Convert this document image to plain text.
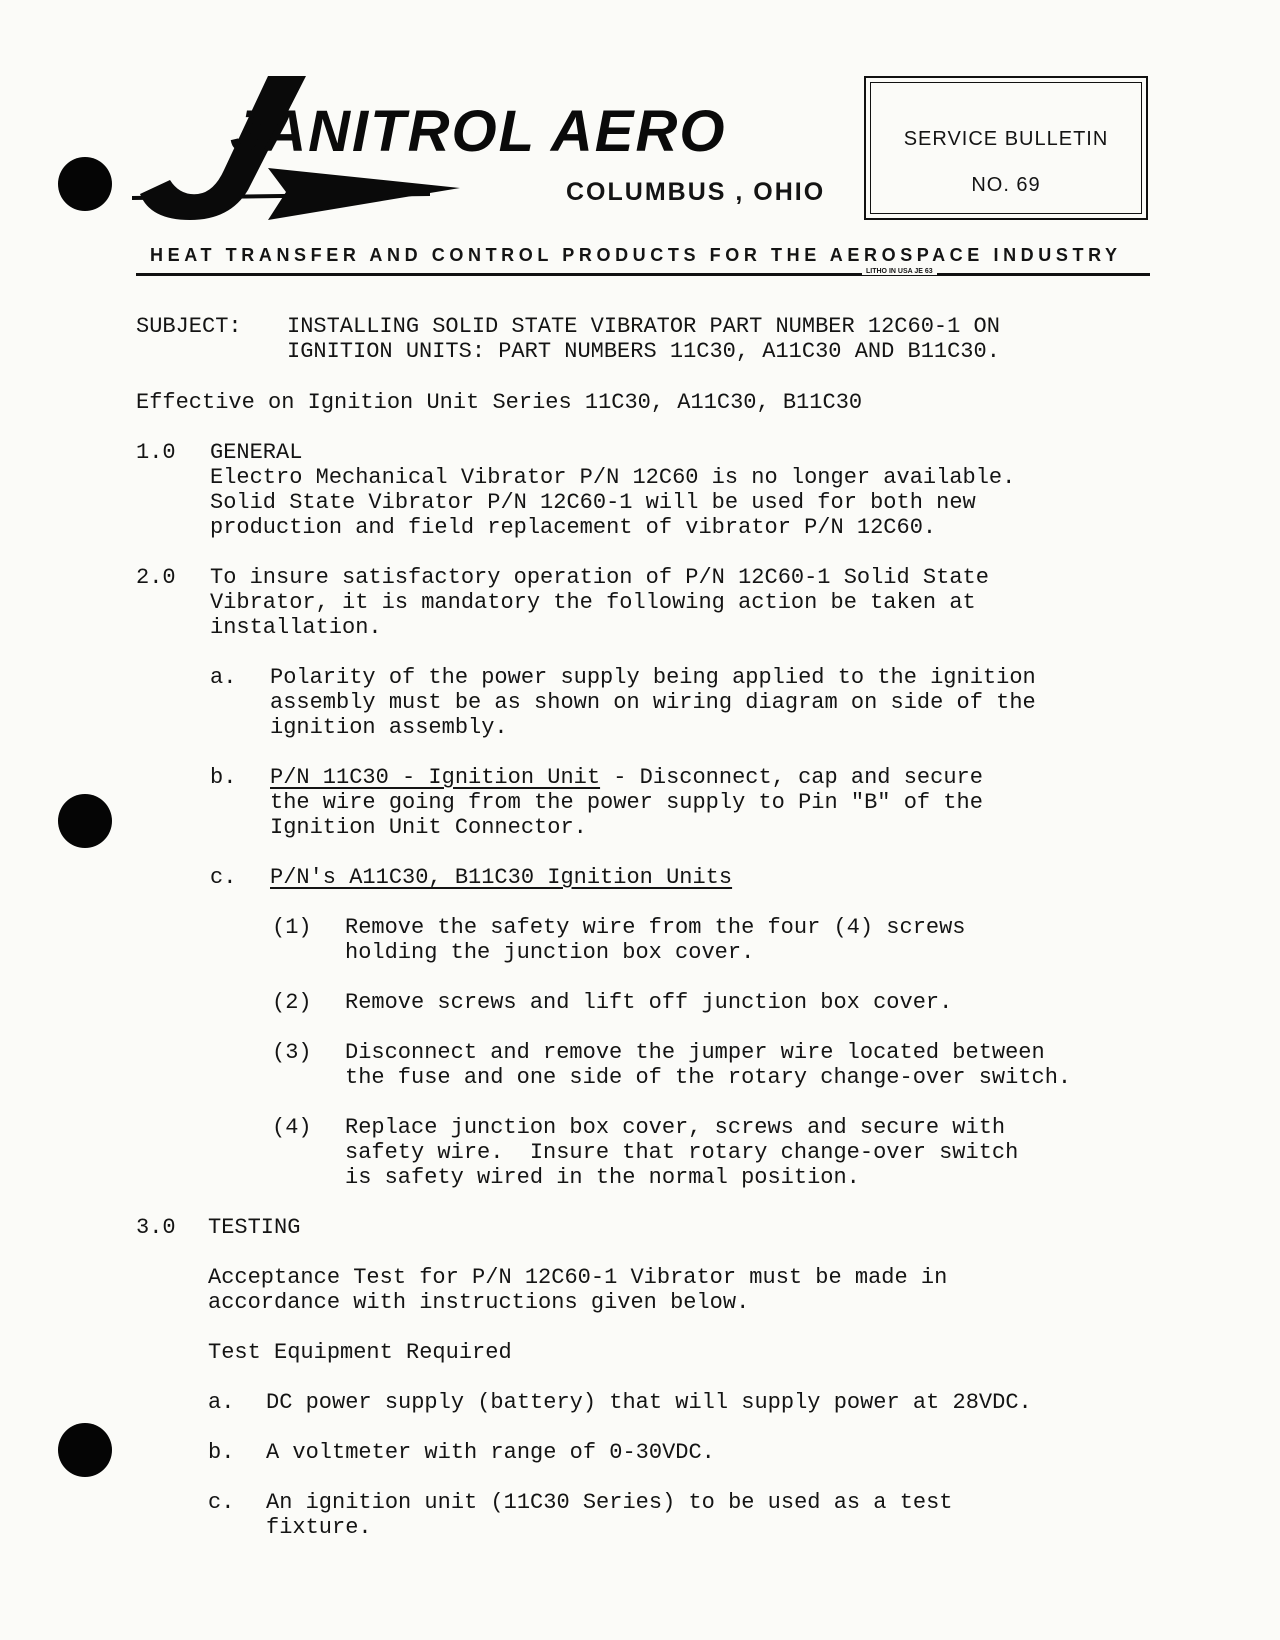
JANITROL AERO
COLUMBUS , OHIO
SERVICE BULLETIN
NO. 69
HEAT TRANSFER AND CONTROL PRODUCTS FOR THE AEROSPACE INDUSTRY
LITHO IN USA JE 63
SUBJECT: INSTALLING SOLID STATE VIBRATOR PART NUMBER 12C60-1 ON
IGNITION UNITS: PART NUMBERS 11C30, A11C30 AND B11C30.
Effective on Ignition Unit Series 11C30, A11C30, B11C30
1.0 GENERAL
Electro Mechanical Vibrator P/N 12C60 is no longer available.
Solid State Vibrator P/N 12C60-1 will be used for both new
production and field replacement of vibrator P/N 12C60.
2.0 To insure satisfactory operation of P/N 12C60-1 Solid State
Vibrator, it is mandatory the following action be taken at
installation.
a. Polarity of the power supply being applied to the ignition
assembly must be as shown on wiring diagram on side of the
ignition assembly.
b. P/N 11C30 - Ignition Unit - Disconnect, cap and secure
the wire going from the power supply to Pin "B" of the
Ignition Unit Connector.
c. P/N's A11C30, B11C30 Ignition Units
(1) Remove the safety wire from the four (4) screws
holding the junction box cover.
(2) Remove screws and lift off junction box cover.
(3) Disconnect and remove the jumper wire located between
the fuse and one side of the rotary change-over switch.
(4) Replace junction box cover, screws and secure with
safety wire.  Insure that rotary change-over switch
is safety wired in the normal position.
3.0 TESTING
Acceptance Test for P/N 12C60-1 Vibrator must be made in
accordance with instructions given below.
Test Equipment Required
a. DC power supply (battery) that will supply power at 28VDC.
b. A voltmeter with range of 0-30VDC.
c. An ignition unit (11C30 Series) to be used as a test
fixture.
